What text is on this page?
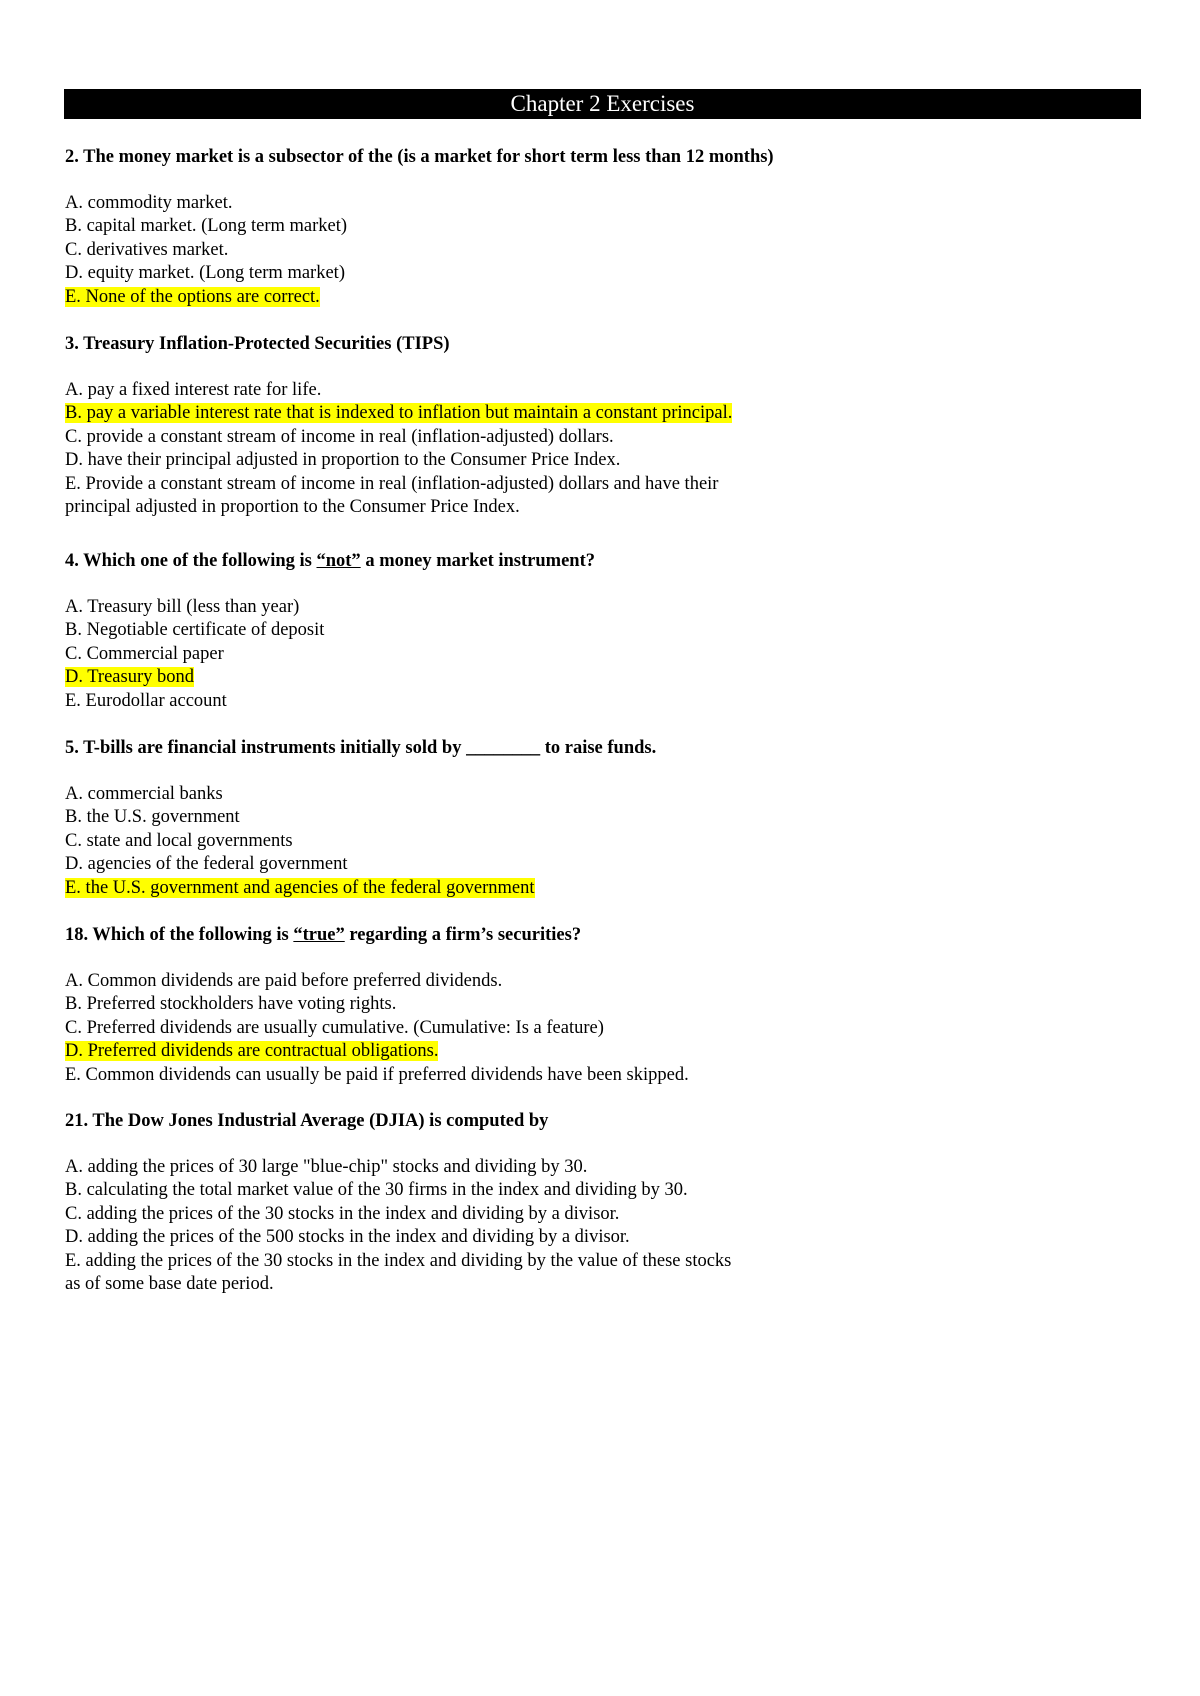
Chapter 2 Exercises
2. The money market is a subsector of the (is a market for short term less than 12 months)
A. commodity market.
B. capital market. (Long term market)
C. derivatives market.
D. equity market. (Long term market)
E. None of the options are correct.
3. Treasury Inflation-Protected Securities (TIPS)
A. pay a fixed interest rate for life.
B. pay a variable interest rate that is indexed to inflation but maintain a constant principal.
C. provide a constant stream of income in real (inflation-adjusted) dollars.
D. have their principal adjusted in proportion to the Consumer Price Index.
E. Provide a constant stream of income in real (inflation-adjusted) dollars and have their
principal adjusted in proportion to the Consumer Price Index.
4. Which one of the following is “not” a money market instrument?
A. Treasury bill (less than year)
B. Negotiable certificate of deposit
C. Commercial paper
D. Treasury bond
E. Eurodollar account
5. T-bills are financial instruments initially sold by ________ to raise funds.
A. commercial banks
B. the U.S. government
C. state and local governments
D. agencies of the federal government
E. the U.S. government and agencies of the federal government
18. Which of the following is “true” regarding a firm’s securities?
A. Common dividends are paid before preferred dividends.
B. Preferred stockholders have voting rights.
C. Preferred dividends are usually cumulative. (Cumulative: Is a feature)
D. Preferred dividends are contractual obligations.
E. Common dividends can usually be paid if preferred dividends have been skipped.
21. The Dow Jones Industrial Average (DJIA) is computed by
A. adding the prices of 30 large "blue-chip" stocks and dividing by 30.
B. calculating the total market value of the 30 firms in the index and dividing by 30.
C. adding the prices of the 30 stocks in the index and dividing by a divisor.
D. adding the prices of the 500 stocks in the index and dividing by a divisor.
E. adding the prices of the 30 stocks in the index and dividing by the value of these stocks
as of some base date period.
